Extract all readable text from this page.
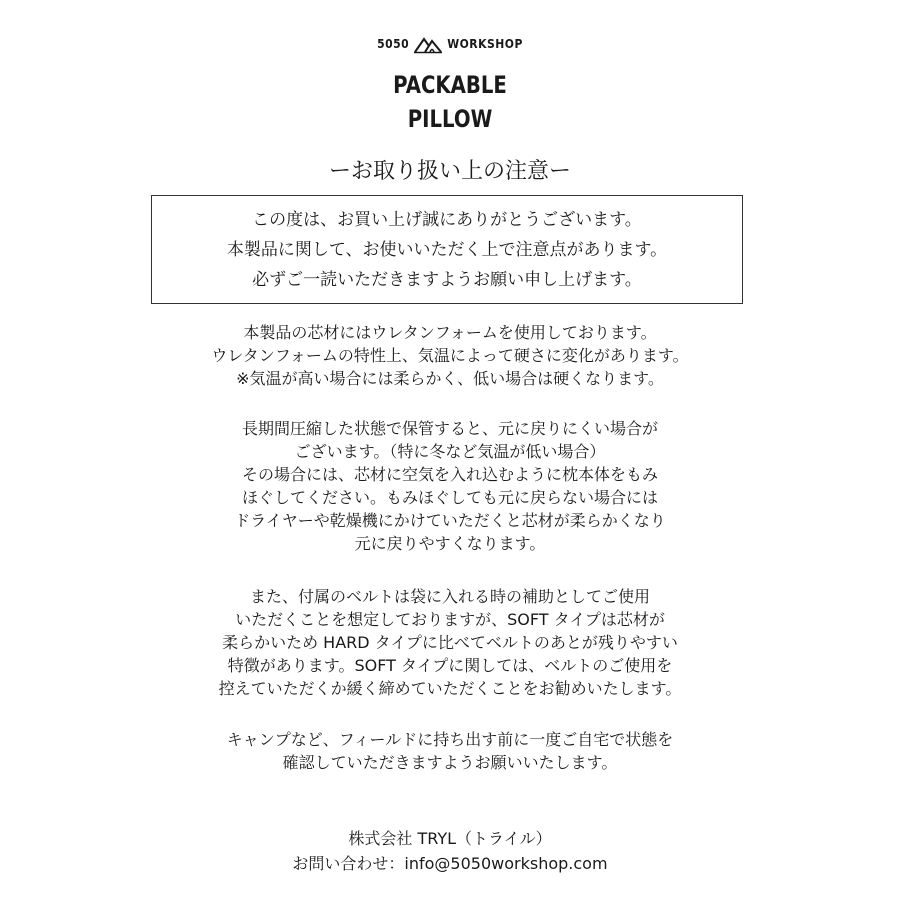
5050	WORKSHOP
PACKABLE
PILLOW
ーお取り扱い上の注意ー
この度は、お買い上げ誠にありがとうございます。
本製品に関して、お使いいただく上で注意点があります。
必ずご一読いただきますようお願い申し上げます。
本製品の芯材にはウレタンフォームを使用しております。
ウレタンフォームの特性上、気温によって硬さに変化があります。
※気温が高い場合には柔らかく、低い場合は硬くなります。
長期間圧縮した状態で保管すると、元に戻りにくい場合が
ございます。（特に冬など気温が低い場合）
その場合には、芯材に空気を入れ込むように枕本体をもみ
ほぐしてください。もみほぐしても元に戻らない場合には
ドライヤーや乾燥機にかけていただくと芯材が柔らかくなり
元に戻りやすくなります。
また、付属のベルトは袋に入れる時の補助としてご使用
いただくことを想定しておりますが、SOFT タイプは芯材が
柔らかいため HARD タイプに比べてベルトのあとが残りやすい
特徴があります。SOFT タイプに関しては、ベルトのご使用を
控えていただくか緩く締めていただくことをお勧めいたします。
キャンプなど、フィールドに持ち出す前に一度ご自宅で状態を
確認していただきますようお願いいたします。
株式会社 TRYL（トライル）
お問い合わせ：info@5050workshop.com
